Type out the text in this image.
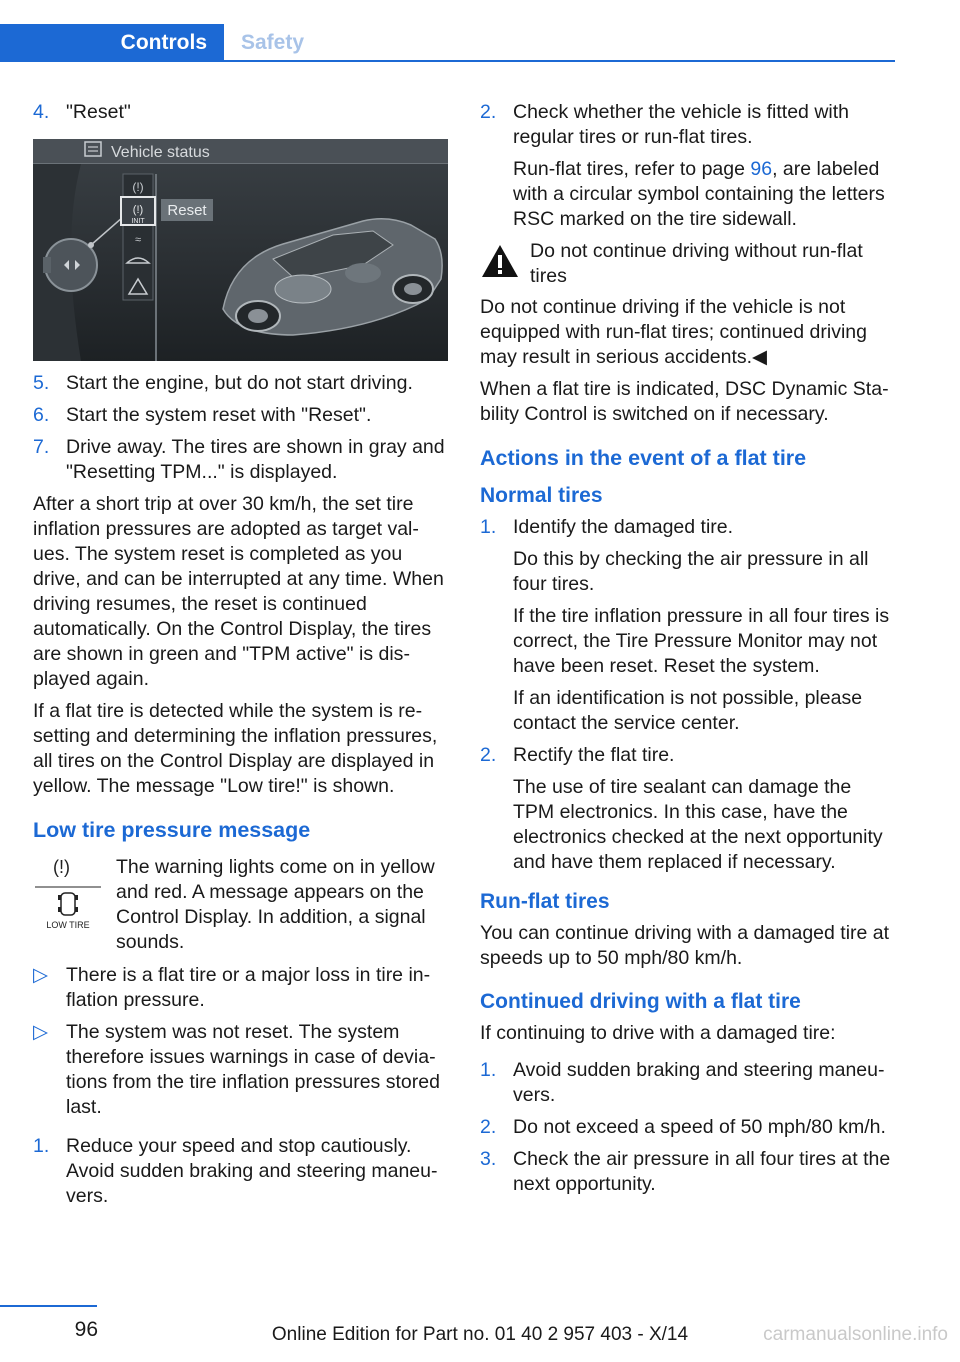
Controls	Safety
4. "Reset"
Vehicle status
(!)
(!)
INIT
≈
Reset
5. Start the engine, but do not start driving.
6. Start the system reset with "Reset".
7. Drive away. The tires are shown in gray and "Resetting TPM..." is displayed.

After a short trip at over 30 km/h, the set tire inflation pressures are adopted as target values. The system reset is completed as you drive, and can be interrupted at any time. When driving resumes, the reset is continued automatically. On the Control Display, the tires are shown in green and "TPM active" is displayed again.

If a flat tire is detected while the system is resetting and determining the inflation pressures, all tires on the Control Display are displayed in yellow. The message "Low tire!" is shown.

Low tire pressure message
(!)
LOW TIRE
The warning lights come on in yellow and red. A message appears on the Control Display. In addition, a signal sounds.
▷ There is a flat tire or a major loss in tire inflation pressure.
▷ The system was not reset. The system therefore issues warnings in case of deviations from the tire inflation pressures stored last.
1. Reduce your speed and stop cautiously. Avoid sudden braking and steering maneuvers.
2. Check whether the vehicle is fitted with regular tires or run-flat tires.
Run-flat tires, refer to page 96, are labeled with a circular symbol containing the letters RSC marked on the tire sidewall.
Do not continue driving without run-flat tires

Do not continue driving if the vehicle is not equipped with run-flat tires; continued driving may result in serious accidents.◀

When a flat tire is indicated, DSC Dynamic Stability Control is switched on if necessary.

Actions in the event of a flat tire
Normal tires
1. Identify the damaged tire.
Do this by checking the air pressure in all four tires.
If the tire inflation pressure in all four tires is correct, the Tire Pressure Monitor may not have been reset. Reset the system.
If an identification is not possible, please contact the service center.
2. Rectify the flat tire.
The use of tire sealant can damage the TPM electronics. In this case, have the electronics checked at the next opportunity and have them replaced if necessary.
Run-flat tires

You can continue driving with a damaged tire at speeds up to 50 mph/80 km/h.

Continued driving with a flat tire

If continuing to drive with a damaged tire:

1. Avoid sudden braking and steering maneuvers.
2. Do not exceed a speed of 50 mph/80 km/h.
3. Check the air pressure in all four tires at the next opportunity.
96	Online Edition for Part no. 01 40 2 957 403 - X/14	carmanualsonline.info
